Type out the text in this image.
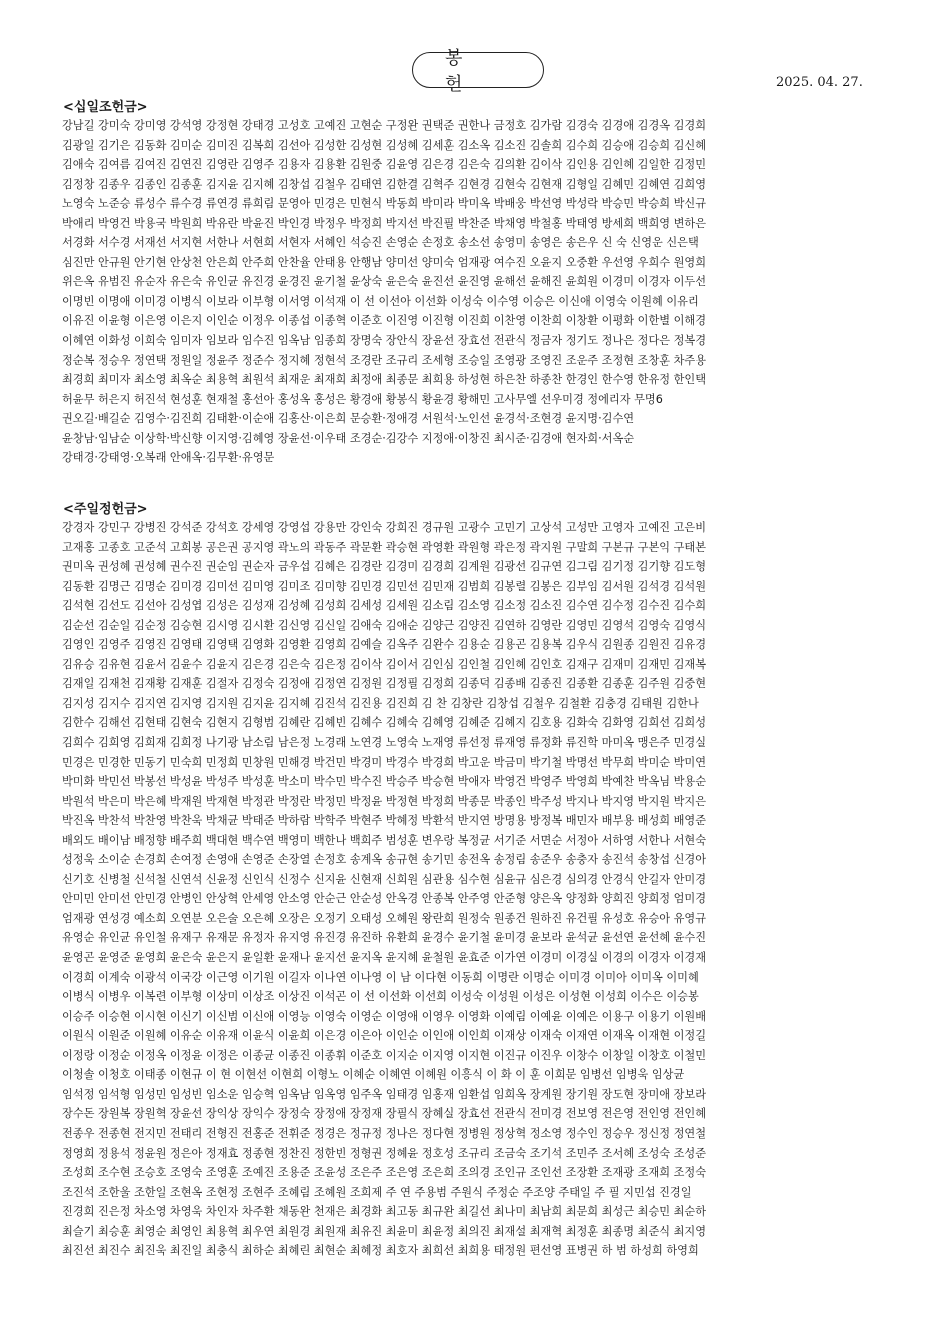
봉 헌	2025. 04. 27.
<십일조헌금>
강남길 강미숙 강미영 강석영 강정현 강태경 고성호 고예진 고현순 구정완 권택준 권한나 금정호 김가람 김경숙 김경애 김경옥 김경희
김광일 김기은 김동화 김미순 김미진 김복희 김선아 김성한 김성현 김성혜 김세훈 김소옥 김소진 김솔희 김수희 김승애 김승희 김신혜
김애숙 김여름 김여진 김연진 김영란 김영주 김용자 김용환 김원중 김윤영 김은경 김은숙 김의환 김이삭 김인용 김인혜 김일한 김정민
김정창 김종우 김종인 김종훈 김지윤 김지혜 김창섭 김철우 김태연 김한결 김혁주 김현경 김현숙 김현재 김형일 김혜민 김혜연 김희영
노영숙 노준승 류성수 류수경 류연경 류희림 문영아 민경은 민현식 박동희 박미라 박미옥 박배웅 박선영 박성락 박승민 박승희 박신규
박애리 박영건 박용국 박원희 박유란 박윤진 박인경 박정우 박정희 박지선 박진필 박찬준 박채영 박철홍 박태영 방세희 백희영 변하은
서경화 서수경 서재선 서지현 서한나 서현희 서현자 서혜인 석승진 손영순 손정호 송소선 송영미 송영은 송은우 신 숙 신영운 신은택
심진만 안규원 안기현 안상천 안은희 안주희 안찬율 안태용 안행남 양미선 양미숙 엄재광 여수진 오윤지 오중환 우선영 우희수 원영희
위은옥 유범진 유순자 유은숙 유인균 유진경 윤경진 윤기철 윤상숙 윤은숙 윤진선 윤진영 윤해선 윤해진 윤희원 이경미 이경자 이두선
이명빈 이명애 이미경 이병식 이보라 이부형 이서영 이석재 이 선 이선아 이선화 이성숙 이수영 이승은 이신애 이영숙 이원혜 이유리
이유진 이윤형 이은영 이은지 이인순 이정우 이종섭 이종혁 이준호 이진영 이진형 이진희 이찬영 이찬희 이창환 이평화 이한별 이해경
이혜연 이화성 이희숙 임미자 임보라 임수진 임옥남 임종희 장명숙 장안식 장윤선 장효선 전관식 정금자 정기도 정나은 정다은 정복경
정순복 정승우 정연택 정원일 정윤주 정준수 정지혜 정현석 조경란 조규리 조세형 조승일 조영광 조영진 조운주 조정현 조창훈 차주용
최경희 최미자 최소영 최옥순 최용혁 최원석 최재운 최재희 최정애 최종문 최희용 하성현 하은찬 하종찬 한경인 한수영 한유정 한인택
허윤무 허은지 허진석 현성훈 현재철 홍선아 홍성옥 홍성은 황경애 황봉식 황윤경 황해민 고사무엘 선우미경 정에리자 무명6
권오길·배길순 김영수·김진희 김태환·이순애 김홍산·이은희 문승환·정애경 서원석·노인선 윤경석·조현경 윤지명·김수연
윤창남·임남순 이상학·박신향 이지영·김혜영 장윤선·이우태 조경순·김강수 지정애·이창진 최시준·김경애 현자희·서옥순
강태경·강태영·오복래 안애옥·김무환·유영문
<주일정헌금>
강경자 강민구 강병진 강석준 강석호 강세영 강영섭 강용만 강인숙 강희진 경규원 고광수 고민기 고상석 고성만 고영자 고예진 고은비
고재홍 고종호 고준석 고희봉 공은권 공지영 곽노의 곽동주 곽문환 곽승현 곽영환 곽원형 곽은정 곽지원 구말희 구본규 구본익 구태본
권미옥 권성혜 권성혜 권수진 권순임 권순자 금우섭 김혜은 김경란 김경미 김경희 김계원 김광선 김규연 김그림 김기정 김기향 김도형
김동환 김명근 김명순 김미경 김미선 김미영 김미조 김미향 김민경 김민선 김민재 김범희 김봉렬 김봉은 김부임 김서원 김석경 김석원
김석현 김선도 김선아 김성엽 김성은 김성재 김성혜 김성희 김세성 김세원 김소림 김소영 김소정 김소진 김수연 김수정 김수진 김수희
김순선 김순일 김순정 김승현 김시영 김시환 김신영 김신일 김애숙 김애순 김양근 김양진 김연하 김영란 김영민 김영석 김영숙 김영식
김영인 김영주 김영진 김영태 김영택 김영화 김영환 김영희 김예슬 김옥주 김완수 김용순 김용곤 김용복 김우식 김원종 김원진 김유경
김유승 김유현 김윤서 김윤수 김윤지 김은경 김은숙 김은정 김이삭 김이서 김인심 김인철 김인혜 김인호 김재구 김재미 김재민 김재복
김재일 김재천 김재황 김재훈 김절자 김정숙 김정애 김정연 김정원 김정필 김정희 김종덕 김종배 김종진 김종환 김종훈 김주원 김중현
김지성 김지수 김지연 김지영 김지원 김지윤 김지혜 김진석 김진용 김진희 김 찬 김창란 김창섭 김철우 김철환 김충경 김태원 김한나
김한수 김해선 김현태 김현숙 김현지 김형범 김혜란 김혜빈 김혜수 김혜숙 김혜영 김혜준 김혜지 김호용 김화숙 김화영 김희선 김희성
김희수 김희영 김희재 김희정 나기광 남소림 남은정 노경래 노연경 노영숙 노재영 류선정 류재영 류정화 류진학 마미옥 맹은주 민경실
민경은 민경한 민동기 민숙희 민정희 민창원 민해경 박건민 박경미 박경수 박경희 박고운 박금미 박기철 박명선 박무희 박미순 박미연
박미화 박민선 박봉선 박성윤 박성주 박성훈 박소미 박수민 박수진 박승주 박승현 박애자 박영건 박영주 박영희 박예찬 박옥님 박용순
박원석 박은미 박은혜 박재원 박재현 박정관 박정란 박정민 박정윤 박정현 박정희 박종문 박종인 박주성 박지나 박지영 박지원 박지은
박진옥 박찬석 박찬영 박찬욱 박채균 박태준 박하람 박학주 박현주 박혜정 박환석 반지연 방명용 방정복 배민자 배부용 배성희 배영준
배외도 배이남 배정향 배주희 백대현 백수연 백영미 백한나 백희주 범성훈 변우랑 복정균 서기준 서면순 서정아 서하영 서한나 서현숙
성정욱 소이순 손경희 손여정 손영애 손영준 손장열 손정호 송계옥 송규현 송기민 송전옥 송정림 송준우 송충자 송진석 송창섭 신경아
신기호 신병철 신석철 신연석 신윤정 신인식 신정수 신지윤 신현재 신희원 심관용 심수현 심윤규 심은경 심의경 안경식 안길자 안미경
안미민 안미선 안민경 안병인 안상혁 안세영 안소영 안순근 안순성 안옥경 안종복 안주영 안준형 양은옥 양정화 양희진 양희정 엄미경
엄재광 연성경 예소희 오연분 오은술 오은혜 오장은 오정기 오태성 오혜원 왕란희 원정숙 원종건 원하진 유건필 유성호 유승아 유영규
유영순 유인균 유인철 유재구 유재문 유정자 유지영 유진경 유진하 유환희 윤경수 윤기철 윤미경 윤보라 윤석균 윤선연 윤선혜 윤수진
윤영곤 윤영준 윤영희 윤은숙 윤은지 윤일환 윤재나 윤지선 윤지옥 윤지혜 윤철원 윤효준 이가연 이경미 이경실 이경의 이경자 이경재
이경희 이계숙 이광석 이국강 이근영 이기원 이길자 이나연 이나영 이 남 이다현 이동희 이명란 이명순 이미경 이미아 이미옥 이미혜
이병식 이병우 이복련 이부형 이상미 이상조 이상진 이석곤 이 선 이선화 이선희 이성숙 이성원 이성은 이성현 이성희 이수은 이승봉
이승주 이승현 이시현 이신기 이신범 이신애 이영능 이영숙 이영순 이영애 이영우 이영화 이예림 이예윤 이예은 이용구 이용기 이원배
이원식 이원준 이원혜 이유순 이유재 이윤식 이윤희 이은경 이은아 이인순 이인애 이인희 이재상 이재숙 이재연 이재옥 이재현 이정길
이정랑 이정순 이정옥 이정윤 이정은 이종균 이종진 이종휘 이준호 이지순 이지영 이지현 이진규 이진우 이창수 이창일 이창호 이철민
이청솔 이청호 이태종 이현규 이 현 이현선 이현희 이형노 이혜순 이혜연 이혜원 이흥식 이 화 이 훈 이희문 임병선 임병욱 임상균
임석정 임석형 임성민 임성빈 임소운 임승혁 임옥남 임옥영 임주옥 임태경 임홍재 임환섭 임희옥 장계원 장기원 장도현 장미애 장보라
장수돈 장원복 장원혁 장윤선 장익상 장익수 장정숙 장정애 장정재 장필식 장혜실 장효선 전관식 전미경 전보영 전은영 전인영 전인혜
전종우 전종현 전지민 전태리 전형진 전홍준 전휘준 정경은 정규정 정나은 정다현 정병원 정상혁 정소영 정수인 정승우 정신정 정연철
정영희 정용석 정윤원 정은아 정재효 정종현 정찬진 정한빈 정형권 정혜윤 정호성 조규리 조금숙 조기석 조민주 조서혜 조성숙 조성준
조성희 조수현 조승호 조영숙 조영훈 조예진 조용준 조윤성 조은주 조은영 조은희 조의경 조인규 조인선 조장환 조재광 조재희 조정숙
조진석 조한울 조한일 조현옥 조현정 조현주 조혜림 조혜원 조희제 주 연 주용범 주원식 주정순 주조양 주태일 주 필 지민섭 진경일
진경희 진은정 차소영 차영욱 차인자 차주환 채동완 천재은 최경화 최고동 최규완 최길선 최나미 최남희 최문희 최성근 최승민 최순하
최슬기 최승훈 최영순 최영인 최용혁 최우연 최원경 최원재 최유진 최윤미 최윤정 최의진 최재설 최재혁 최정훈 최종명 최준식 최지영
최진선 최진수 최진욱 최진일 최충식 최하순 최혜린 최현순 최혜정 최호자 최희선 최희용 태정원 편선영 표병권 하 범 하성희 하영희
